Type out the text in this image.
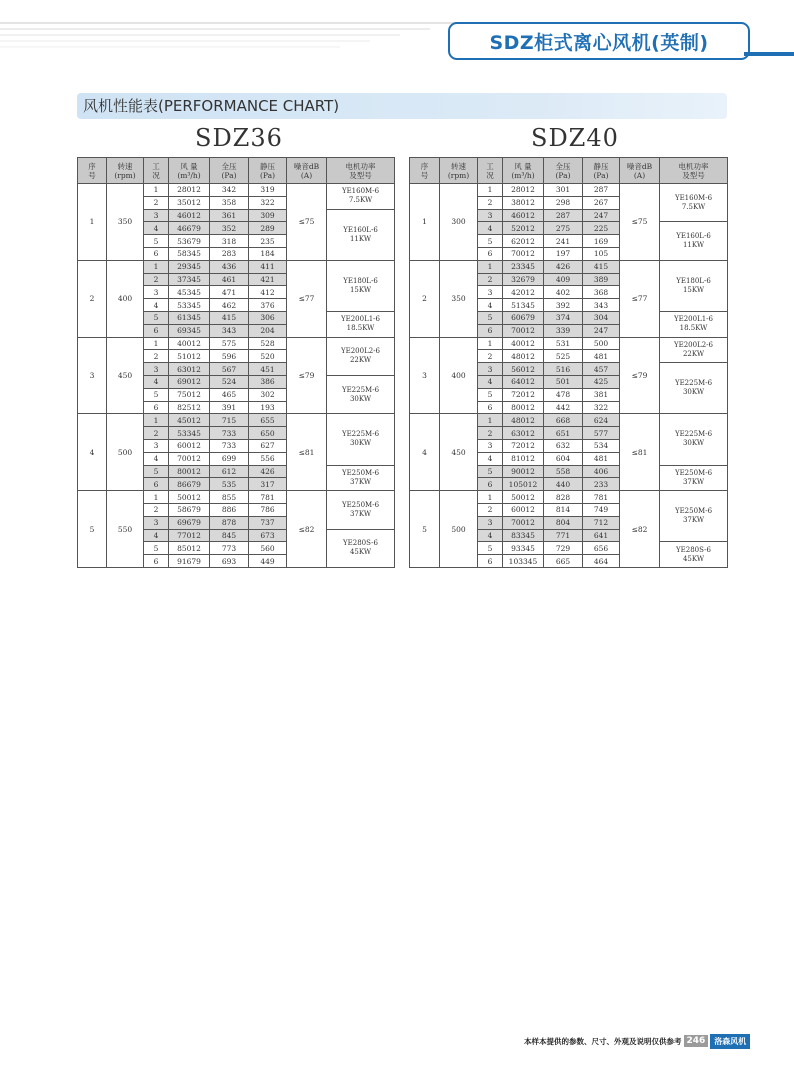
SDZ柜式离心风机(英制)
风机性能表(PERFORMANCE CHART)
SDZ36	SDZ40
序
号	转速
(rpm)	工
况	风 量
(m³/h)	全压
(Pa)	静压
(Pa)	噪音dB
(A)	电机功率
及型号
1	350	1	28012	342	319	≤75	YE160M-6
7.5KW
		2	35012	358	322		
		3	46012	361	309		YE160L-6
11KW
		4	46679	352	289		
		5	53679	318	235		
		6	58345	283	184		
2	400	1	29345	436	411	≤77	YE180L-6
15KW
		2	37345	461	421		
		3	45345	471	412		
		4	53345	462	376		
		5	61345	415	306		YE200L1-6
18.5KW
		6	69345	343	204		
3	450	1	40012	575	528	≤79	YE200L2-6
22KW
		2	51012	596	520		
		3	63012	567	451		
		4	69012	524	386		YE225M-6
30KW
		5	75012	465	302		
		6	82512	391	193		
4	500	1	45012	715	655	≤81	YE225M-6
30KW
		2	53345	733	650		
		3	60012	733	627		
		4	70012	699	556		
		5	80012	612	426		YE250M-6
37KW
		6	86679	535	317		
5	550	1	50012	855	781	≤82	YE250M-6
37KW
		2	58679	886	786		
		3	69679	878	737		
		4	77012	845	673		YE280S-6
45KW
		5	85012	773	560		
		6	91679	693	449		
序
号	转速
(rpm)	工
况	风 量
(m³/h)	全压
(Pa)	静压
(Pa)	噪音dB
(A)	电机功率
及型号
1	300	1	28012	301	287	≤75	YE160M-6
7.5KW
		2	38012	298	267		
		3	46012	287	247		
		4	52012	275	225		YE160L-6
11KW
		5	62012	241	169		
		6	70012	197	105		
2	350	1	23345	426	415	≤77	YE180L-6
15KW
		2	32679	409	389		
		3	42012	402	368		
		4	51345	392	343		
		5	60679	374	304		YE200L1-6
18.5KW
		6	70012	339	247		
3	400	1	40012	531	500	≤79	YE200L2-6
22KW
		2	48012	525	481		
		3	56012	516	457		YE225M-6
30KW
		4	64012	501	425		
		5	72012	478	381		
		6	80012	442	322		
4	450	1	48012	668	624	≤81	YE225M-6
30KW
		2	63012	651	577		
		3	72012	632	534		
		4	81012	604	481		
		5	90012	558	406		YE250M-6
37KW
		6	105012	440	233		
5	500	1	50012	828	781	≤82	YE250M-6
37KW
		2	60012	814	749		
		3	70012	804	712		
		4	83345	771	641		
		5	93345	729	656		YE280S-6
45KW
		6	103345	665	464		
本样本提供的参数、尺寸、外观及说明仅供参考 246	洛森风机
